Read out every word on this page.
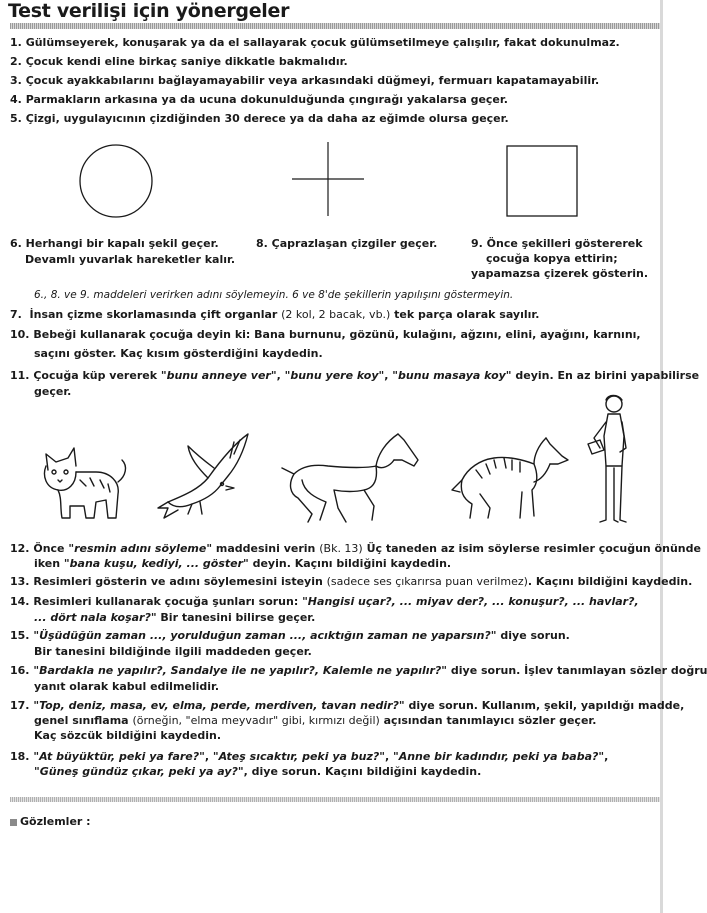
Test verilişi için yönergeler
1. Gülümseyerek, konuşarak ya da el sallayarak çocuk gülümsetilmeye çalışılır, fakat dokunulmaz.
2. Çocuk kendi eline birkaç saniye dikkatle bakmalıdır.
3. Çocuk ayakkabılarını bağlayamayabilir veya arkasındaki düğmeyi, fermuarı kapatamayabilir.
4. Parmakların arkasına ya da ucuna dokunulduğunda çıngırağı yakalarsa geçer.
5. Çizgi, uygulayıcının çizdiğinden 30 derece ya da daha az eğimde olursa geçer.
6. Herhangi bir kapalı şekil geçer.
Devamlı yuvarlak hareketler kalır.
8. Çaprazlaşan çizgiler geçer.	9. Önce şekilleri göstererek
çocuğa kopya ettirin;
yapamazsa çizerek gösterin.
6., 8. ve 9. maddeleri verirken adını söylemeyin. 6 ve 8'de şekillerin yapılışını göstermeyin.
7. İnsan çizme skorlamasında çift organlar (2 kol, 2 bacak, vb.) tek parça olarak sayılır.
10. Bebeği kullanarak çocuğa deyin ki: Bana burnunu, gözünü, kulağını, ağzını, elini, ayağını, karnını,
saçını göster. Kaç kısım gösterdiğini kaydedin.
11. Çocuğa küp vererek "bunu anneye ver", "bunu yere koy", "bunu masaya koy" deyin. En az birini yapabilirse
geçer.
12. Önce "resmin adını söyleme" maddesini verin (Bk. 13) Üç taneden az isim söylerse resimler çocuğun önünde
iken "bana kuşu, kediyi, ... göster" deyin. Kaçını bildiğini kaydedin.
13. Resimleri gösterin ve adını söylemesini isteyin (sadece ses çıkarırsa puan verilmez). Kaçını bildiğini kaydedin.
14. Resimleri kullanarak çocuğa şunları sorun: "Hangisi uçar?, ... miyav der?, ... konuşur?, ... havlar?,
... dört nala koşar?" Bir tanesini bilirse geçer.
15. "Üşüdüğün zaman ..., yorulduğun zaman ..., acıktığın zaman ne yaparsın?" diye sorun.
Bir tanesini bildiğinde ilgili maddeden geçer.
16. "Bardakla ne yapılır?, Sandalye ile ne yapılır?, Kalemle ne yapılır?" diye sorun. İşlev tanımlayan sözler doğru
yanıt olarak kabul edilmelidir.
17. "Top, deniz, masa, ev, elma, perde, merdiven, tavan nedir?" diye sorun. Kullanım, şekil, yapıldığı madde,
genel sınıflama (örneğin, "elma meyvadır" gibi, kırmızı değil) açısından tanımlayıcı sözler geçer.
Kaç sözcük bildiğini kaydedin.
18. "At büyüktür, peki ya fare?", "Ateş sıcaktır, peki ya buz?", "Anne bir kadındır, peki ya baba?",
"Güneş gündüz çıkar, peki ya ay?", diye sorun. Kaçını bildiğini kaydedin.
Gözlemler :
